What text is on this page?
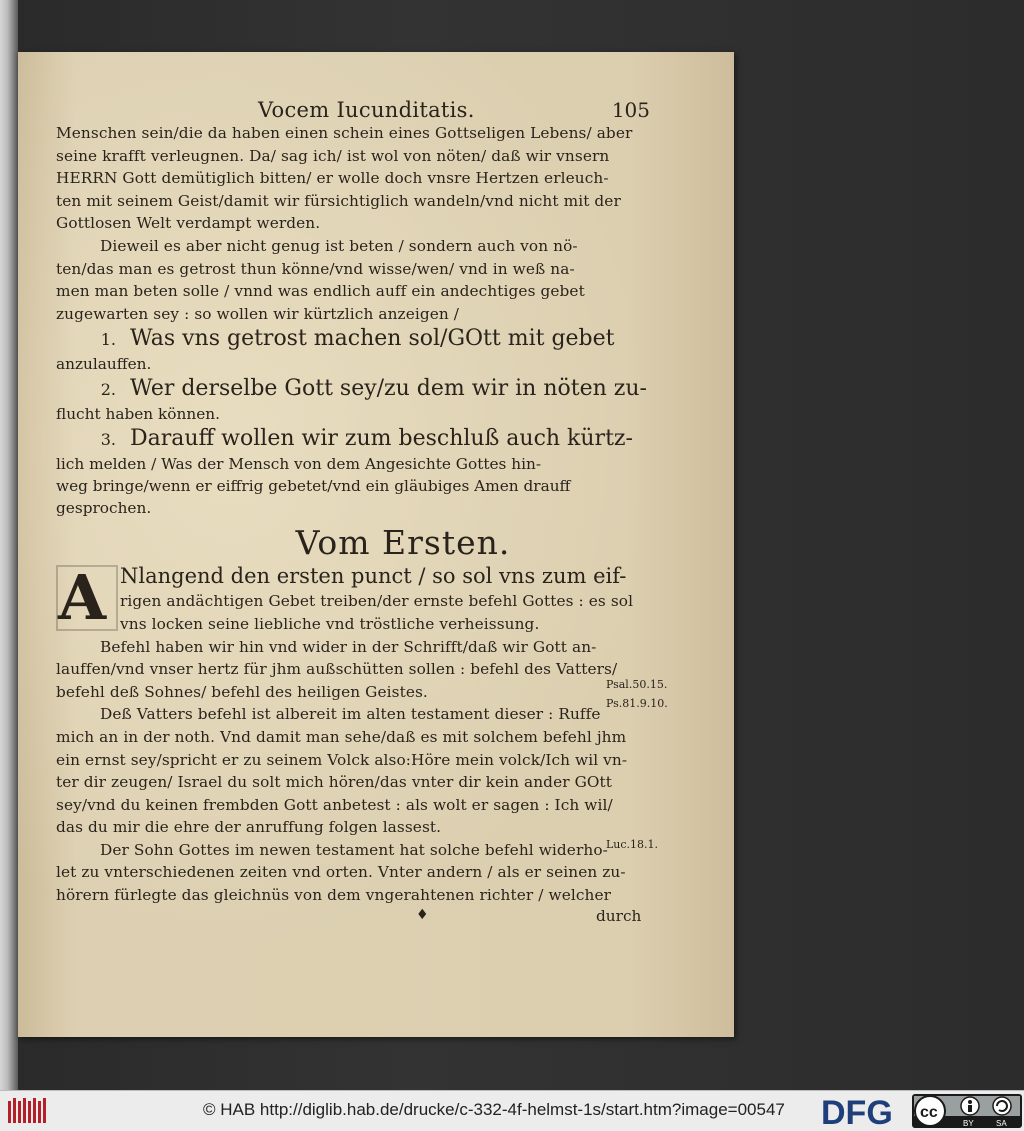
Vocem Iucunditatis.	105
Menschen sein/die da haben einen schein eines Gottseligen Lebens/ aber
seine krafft verleugnen. Da/ sag ich/ ist wol von nöten/ daß wir vnsern
HERRN Gott demütiglich bitten/ er wolle doch vnsre Hertzen erleuch-
ten mit seinem Geist/damit wir fürsichtiglich wandeln/vnd nicht mit der
Gottlosen Welt verdampt werden.
Dieweil es aber nicht genug ist beten / sondern auch von nö-
ten/das man es getrost thun könne/vnd wisse/wen/ vnd in weß na-
men man beten solle / vnnd was endlich auff ein andechtiges gebet
zugewarten sey : so wollen wir kürtzlich anzeigen /
1. Was vns getrost machen sol/GOtt mit gebet
anzulauffen.
2. Wer derselbe Gott sey/zu dem wir in nöten zu-
flucht haben können.
3. Darauff wollen wir zum beschluß auch kürtz-
lich melden / Was der Mensch von dem Angesichte Gottes hin-
weg bringe/wenn er eiffrig gebetet/vnd ein gläubiges Amen drauff
gesprochen.
Vom Ersten.
A Nlangend den ersten punct / so sol vns zum eif-
rigen andächtigen Gebet treiben/der ernste befehl Gottes : es sol
vns locken seine liebliche vnd tröstliche verheissung.
Befehl haben wir hin vnd wider in der Schrifft/daß wir Gott an-
lauffen/vnd vnser hertz für jhm außschütten sollen : befehl des Vatters/
befehl deß Sohnes/ befehl des heiligen Geistes.
Deß Vatters befehl ist albereit im alten testament dieser : Ruffe
mich an in der noth. Vnd damit man sehe/daß es mit solchem befehl jhm
ein ernst sey/spricht er zu seinem Volck also:Höre mein volck/Ich wil vn-
ter dir zeugen/ Israel du solt mich hören/das vnter dir kein ander GOtt
sey/vnd du keinen frembden Gott anbetest : als wolt er sagen : Ich wil/
das du mir die ehre der anruffung folgen lassest.
Der Sohn Gottes im newen testament hat solche befehl widerho-
let zu vnterschiedenen zeiten vnd orten. Vnter andern / als er seinen zu-
hörern fürlegte das gleichnüs von dem vngerahtenen richter / welcher
♦	durch
Psal.50.15.
Ps.81.9.10.
Luc.18.1.
© HAB http://diglib.hab.de/drucke/c-332-4f-helmst-1s/start.htm?image=00547 DFG cc
BY	SA
